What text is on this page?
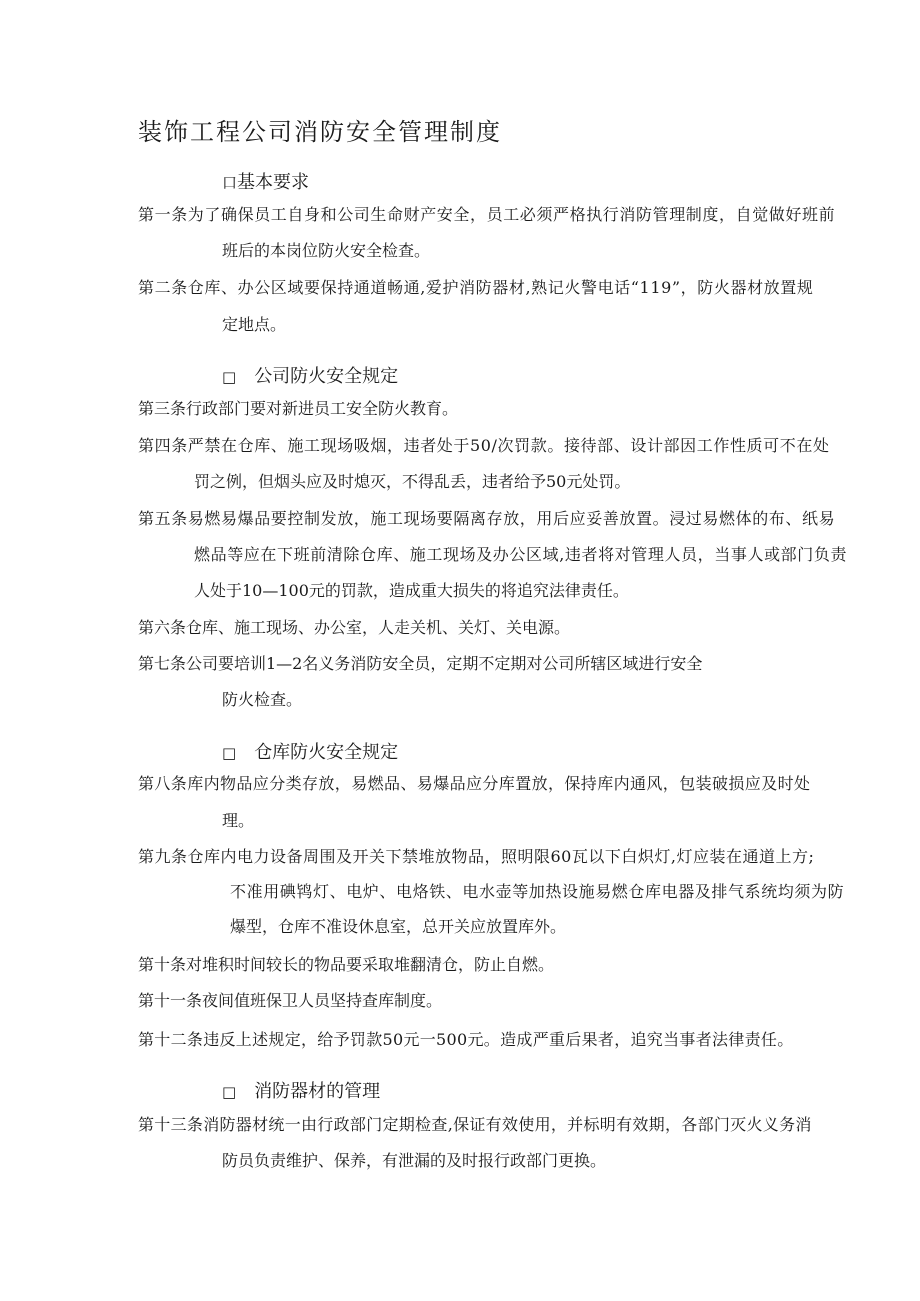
装饰工程公司消防安全管理制度
口基本要求
第一条为了确保员工自身和公司生命财产安全，员工必须严格执行消防管理制度，自觉做好班前
班后的本岗位防火安全检查。
第二条仓库、办公区域要保持通道畅通,爱护消防器材,熟记火警电话“119”，防火器材放置规
定地点。
□ 公司防火安全规定
第三条行政部门要对新进员工安全防火教育。
第四条严禁在仓库、施工现场吸烟，违者处于50/次罚款。接待部、设计部因工作性质可不在处
罚之例，但烟头应及时熄灭，不得乱丢，违者给予50元处罚。
第五条易燃易爆品要控制发放，施工现场要隔离存放，用后应妥善放置。浸过易燃体的布、纸易
燃品等应在下班前清除仓库、施工现场及办公区域,违者将对管理人员，当事人或部门负责
人处于10—100元的罚款，造成重大损失的将追究法律责任。
第六条仓库、施工现场、办公室，人走关机、关灯、关电源。
第七条公司要培训1—2名义务消防安全员，定期不定期对公司所辖区域进行安全
防火检查。
□ 仓库防火安全规定
第八条库内物品应分类存放，易燃品、易爆品应分库置放，保持库内通风，包装破损应及时处
理。
第九条仓库内电力设备周围及开关下禁堆放物品，照明限60瓦以下白炽灯,灯应装在通道上方;
不准用碘鸨灯、电炉、电烙铁、电水壶等加热设施易燃仓库电器及排气系统均须为防
爆型，仓库不准设休息室，总开关应放置库外。
第十条对堆积时间较长的物品要采取堆翻清仓，防止自燃。
第十一条夜间值班保卫人员坚持查库制度。
第十二条违反上述规定，给予罚款50元一500元。造成严重后果者，追究当事者法律责任。
□ 消防器材的管理
第十三条消防器材统一由行政部门定期检查,保证有效使用，并标明有效期，各部门灭火义务消
防员负责维护、保养，有泄漏的及时报行政部门更换。
